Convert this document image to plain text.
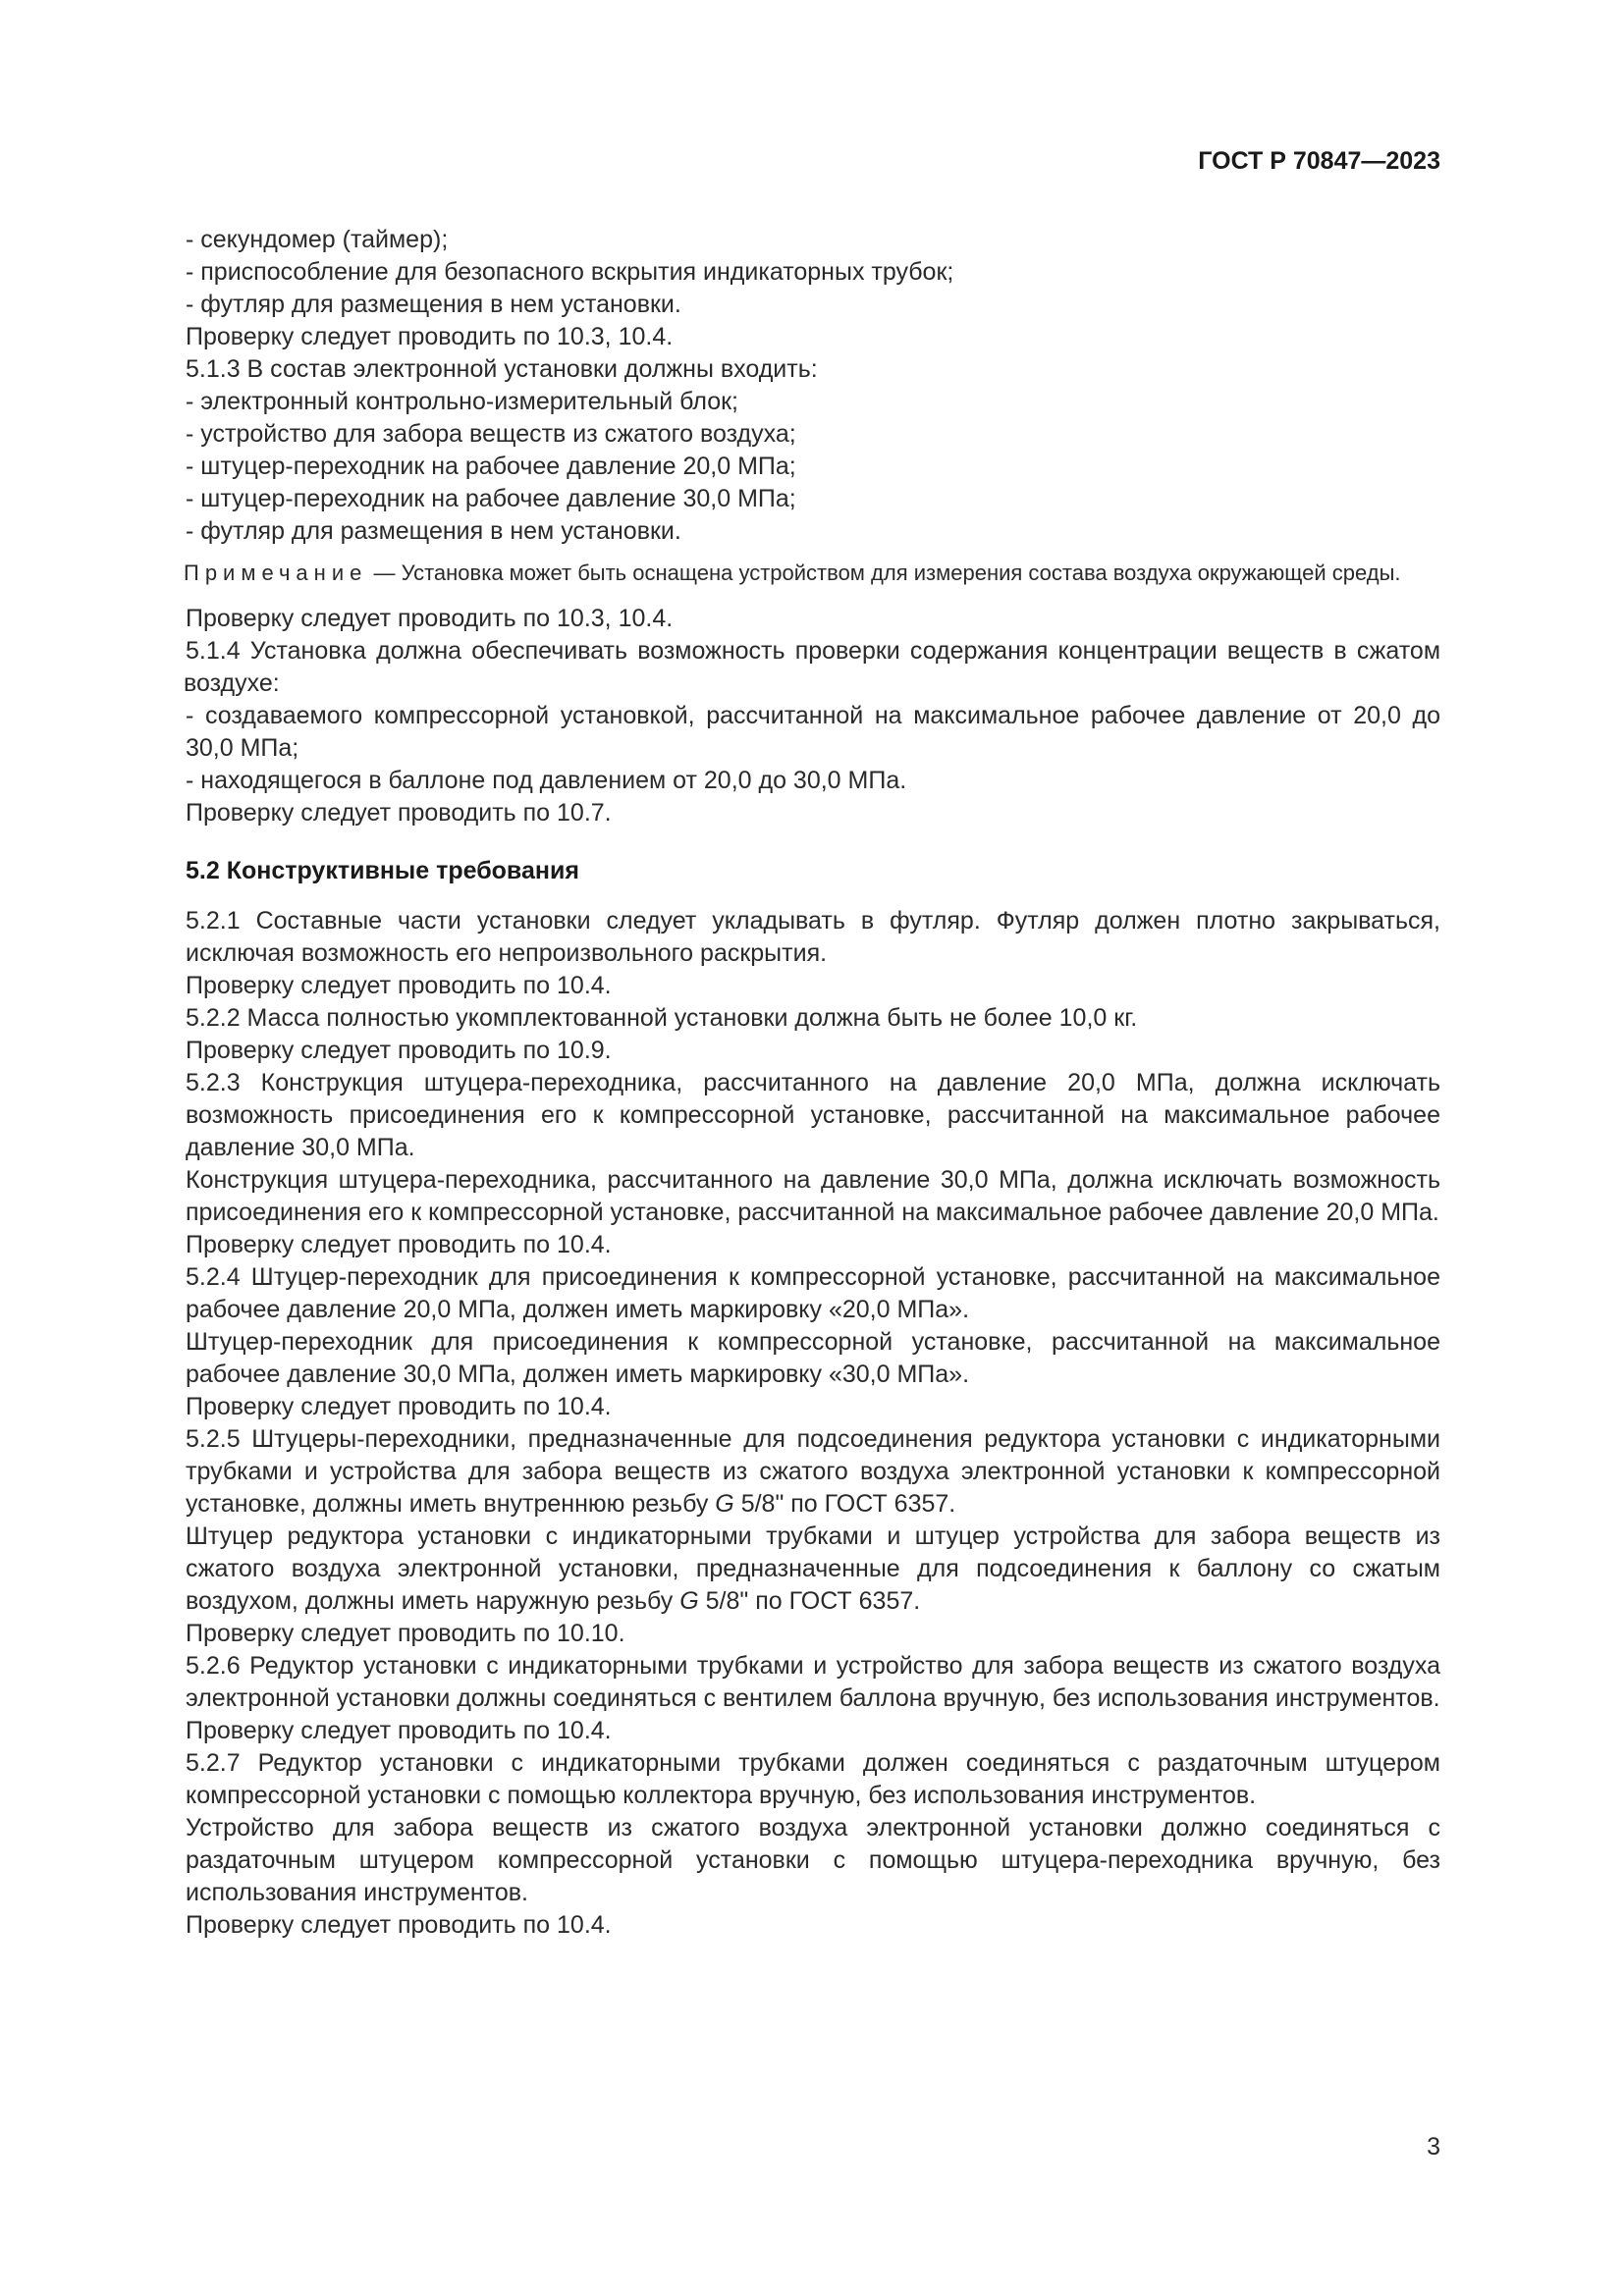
ГОСТ Р 70847—2023

- секундомер (таймер);

- приспособление для безопасного вскрытия индикаторных трубок;

- футляр для размещения в нем установки.

Проверку следует проводить по 10.3, 10.4.

5.1.3 В состав электронной установки должны входить:

- электронный контрольно-измерительный блок;

- устройство для забора веществ из сжатого воздуха;

- штуцер-переходник на рабочее давление 20,0 МПа;

- штуцер-переходник на рабочее давление 30,0 МПа;

- футляр для размещения в нем установки.

Примечание — Установка может быть оснащена устройством для измерения состава воздуха окружающей среды.

Проверку следует проводить по 10.3, 10.4.

5.1.4 Установка должна обеспечивать возможность проверки содержания концентрации веществ в сжатом воздухе:

- создаваемого компрессорной установкой, рассчитанной на максимальное рабочее давление от 20,0 до 30,0 МПа;

- находящегося в баллоне под давлением от 20,0 до 30,0 МПа.

Проверку следует проводить по 10.7.

5.2 Конструктивные требования

5.2.1 Составные части установки следует укладывать в футляр. Футляр должен плотно закрываться, исключая возможность его непроизвольного раскрытия.

Проверку следует проводить по 10.4.

5.2.2 Масса полностью укомплектованной установки должна быть не более 10,0 кг.

Проверку следует проводить по 10.9.

5.2.3 Конструкция штуцера-переходника, рассчитанного на давление 20,0 МПа, должна исключать возможность присоединения его к компрессорной установке, рассчитанной на максимальное рабочее давление 30,0 МПа.

Конструкция штуцера-переходника, рассчитанного на давление 30,0 МПа, должна исключать возможность присоединения его к компрессорной установке, рассчитанной на максимальное рабочее давление 20,0 МПа.

Проверку следует проводить по 10.4.

5.2.4 Штуцер-переходник для присоединения к компрессорной установке, рассчитанной на максимальное рабочее давление 20,0 МПа, должен иметь маркировку «20,0 МПа».

Штуцер-переходник для присоединения к компрессорной установке, рассчитанной на максимальное рабочее давление 30,0 МПа, должен иметь маркировку «30,0 МПа».

Проверку следует проводить по 10.4.

5.2.5 Штуцеры-переходники, предназначенные для подсоединения редуктора установки с индикаторными трубками и устройства для забора веществ из сжатого воздуха электронной установки к компрессорной установке, должны иметь внутреннюю резьбу G 5/8" по ГОСТ 6357.

Штуцер редуктора установки с индикаторными трубками и штуцер устройства для забора веществ из сжатого воздуха электронной установки, предназначенные для подсоединения к баллону со сжатым воздухом, должны иметь наружную резьбу G 5/8" по ГОСТ 6357.

Проверку следует проводить по 10.10.

5.2.6 Редуктор установки с индикаторными трубками и устройство для забора веществ из сжатого воздуха электронной установки должны соединяться с вентилем баллона вручную, без использования инструментов.

Проверку следует проводить по 10.4.

5.2.7 Редуктор установки с индикаторными трубками должен соединяться с раздаточным штуцером компрессорной установки с помощью коллектора вручную, без использования инструментов.

Устройство для забора веществ из сжатого воздуха электронной установки должно соединяться с раздаточным штуцером компрессорной установки с помощью штуцера-переходника вручную, без использования инструментов.

Проверку следует проводить по 10.4.

3
